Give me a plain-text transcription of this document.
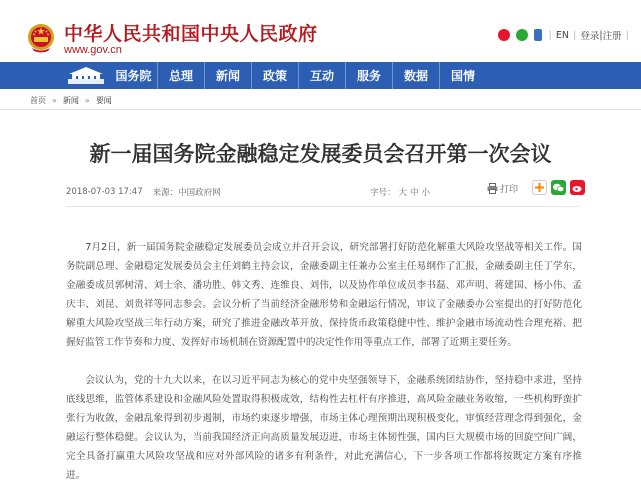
中华人民共和国中央人民政府
www.gov.cn
| EN | 登录 | 注册 |
国务院	总理	新闻	政策	互动	服务	数据	国情
首页 » 新闻 » 要闻
新一届国务院金融稳定发展委员会召开第一次会议
2018-07-03 17:47 来源： 中国政府网	字号： 大 中 小	打印

7月2日，新一届国务院金融稳定发展委员会成立并召开会议，研究部署打好防范化解重大风险攻坚战等相关工作。国务院副总理、金融稳定发展委员会主任刘鹤主持会议，金融委副主任兼办公室主任易纲作了汇报，金融委副主任丁学东，金融委成员郭树清、刘士余、潘功胜、韩文秀、连维良、刘伟，以及协作单位成员李书磊、邓声明、蒋建国、杨小伟、孟庆丰、刘昆、刘贵祥等同志参会。会议分析了当前经济金融形势和金融运行情况，审议了金融委办公室提出的打好防范化解重大风险攻坚战三年行动方案，研究了推进金融改革开放、保持货币政策稳健中性、维护金融市场流动性合理充裕、把握好监管工作节奏和力度、发挥好市场机制在资源配置中的决定性作用等重点工作，部署了近期主要任务。

会议认为，党的十九大以来，在以习近平同志为核心的党中央坚强领导下，金融系统团结协作，坚持稳中求进，坚持底线思维，监管体系建设和金融风险处置取得积极成效，结构性去杠杆有序推进，高风险金融业务收缩，一些机构野蛮扩张行为收敛，金融乱象得到初步遏制，市场约束逐步增强，市场主体心理预期出现积极变化，审慎经营理念得到强化，金融运行整体稳健。会议认为，当前我国经济正向高质量发展迈进，市场主体韧性强，国内巨大规模市场的回旋空间广阔，完全具备打赢重大风险攻坚战和应对外部风险的诸多有利条件，对此充满信心，下一步各项工作都将按既定方案有序推进。
